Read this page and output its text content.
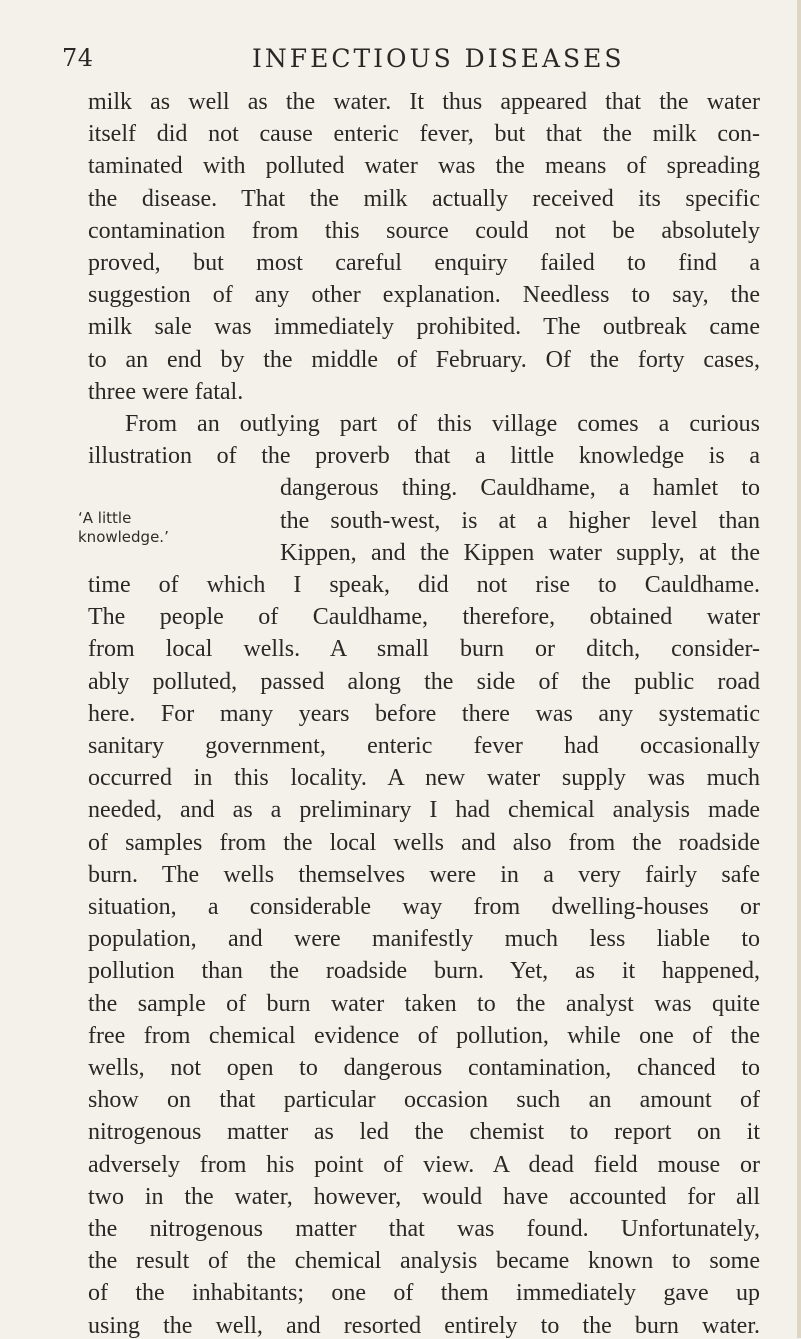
74	INFECTIOUS DISEASES
milk as well as the water. It thus appeared that the water
itself did not cause enteric fever, but that the milk con-
taminated with polluted water was the means of spreading
the disease. That the milk actually received its specific
contamination from this source could not be absolutely
proved, but most careful enquiry failed to find a
suggestion of any other explanation. Needless to say, the
milk sale was immediately prohibited. The outbreak came
to an end by the middle of February. Of the forty cases,
three were fatal.
From an outlying part of this village comes a curious
illustration of the proverb that a little knowledge is a
dangerous thing. Cauldhame, a hamlet to
the south-west, is at a higher level than
Kippen, and the Kippen water supply, at the
‘A little
knowledge.’
time of which I speak, did not rise to Cauldhame.
The people of Cauldhame, therefore, obtained water
from local wells. A small burn or ditch, consider-
ably polluted, passed along the side of the public road
here. For many years before there was any systematic
sanitary government, enteric fever had occasionally
occurred in this locality. A new water supply was much
needed, and as a preliminary I had chemical analysis made
of samples from the local wells and also from the roadside
burn. The wells themselves were in a very fairly safe
situation, a considerable way from dwelling-houses or
population, and were manifestly much less liable to
pollution than the roadside burn. Yet, as it happened,
the sample of burn water taken to the analyst was quite
free from chemical evidence of pollution, while one of the
wells, not open to dangerous contamination, chanced to
show on that particular occasion such an amount of
nitrogenous matter as led the chemist to report on it
adversely from his point of view. A dead field mouse or
two in the water, however, would have accounted for all
the nitrogenous matter that was found. Unfortunately,
the result of the chemical analysis became known to some
of the inhabitants; one of them immediately gave up
using the well, and resorted entirely to the burn water.
